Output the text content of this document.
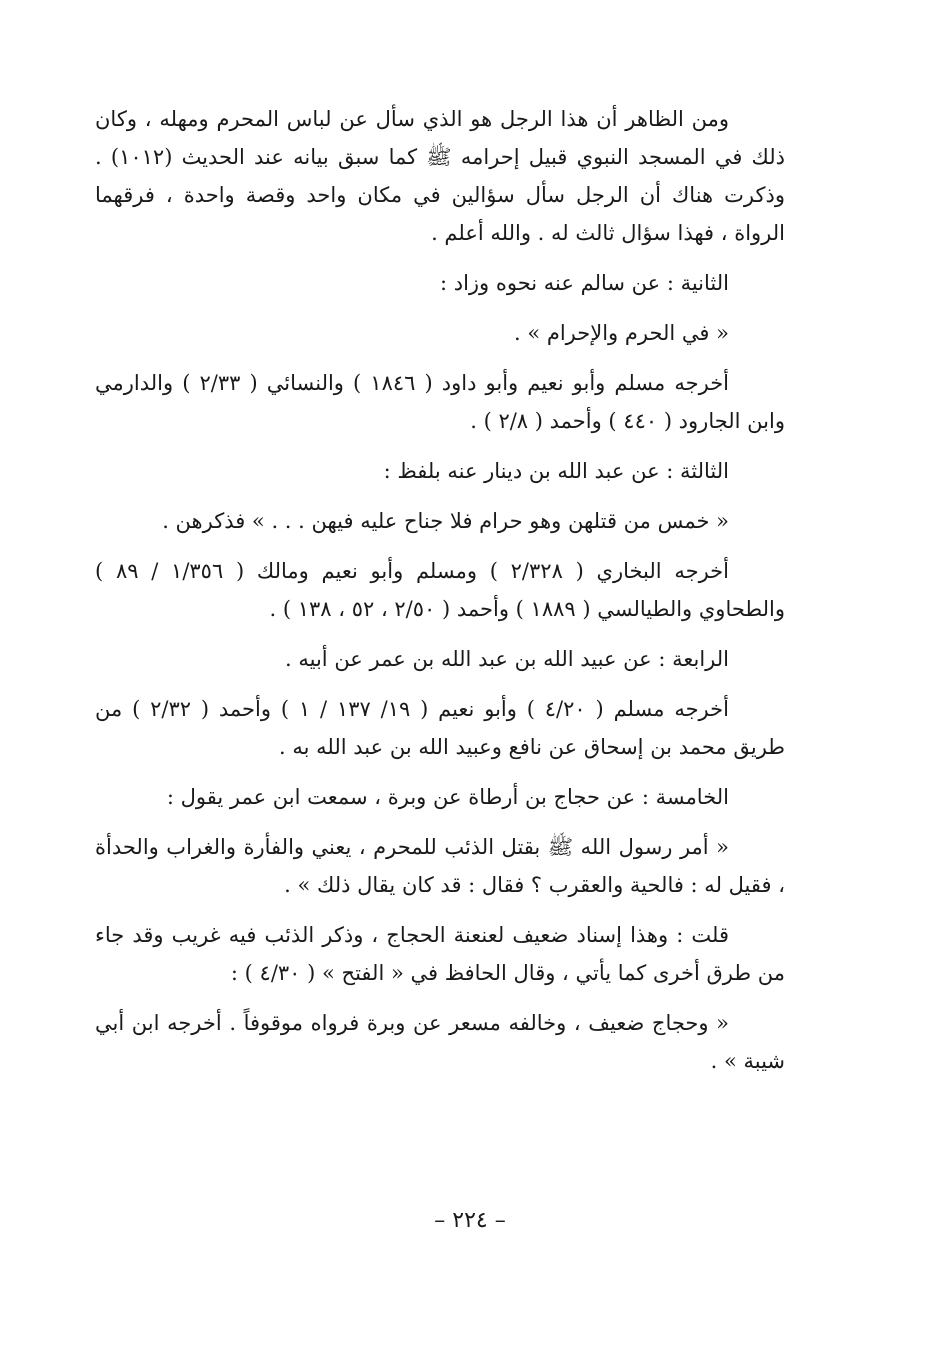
ومن الظاهر أن هذا الرجل هو الذي سأل عن لباس المحرم ومهله ، وكان ذلك في المسجد النبوي قبيل إحرامه ﷺ كما سبق بيانه عند الحديث (١٠١٢) . وذكرت هناك أن الرجل سأل سؤالين في مكان واحد وقصة واحدة ، فرقهما الرواة ، فهذا سؤال ثالث له . والله أعلم .

الثانية : عن سالم عنه نحوه وزاد :

« في الحرم والإحرام » .

أخرجه مسلم وأبو نعيم وأبو داود ( ١٨٤٦ ) والنسائي ( ٢/٣٣ ) والدارمي وابن الجارود ( ٤٤٠ ) وأحمد ( ٢/٨ ) .

الثالثة : عن عبد الله بن دينار عنه بلفظ :

« خمس من قتلهن وهو حرام فلا جناح عليه فيهن . . . » فذكرهن .

أخرجه البخاري ( ٢/٣٢٨ ) ومسلم وأبو نعيم ومالك ( ١/٣٥٦ / ٨٩ ) والطحاوي والطيالسي ( ١٨٨٩ ) وأحمد ( ٢/٥٠ ، ٥٢ ، ١٣٨ ) .

الرابعة : عن عبيد الله بن عبد الله بن عمر عن أبيه .

أخرجه مسلم ( ٤/٢٠ ) وأبو نعيم ( ١٩/ ١٣٧ / ١ ) وأحمد ( ٢/٣٢ ) من طريق محمد بن إسحاق عن نافع وعبيد الله بن عبد الله به .

الخامسة : عن حجاج بن أرطاة عن وبرة ، سمعت ابن عمر يقول :

« أمر رسول الله ﷺ بقتل الذئب للمحرم ، يعني والفأرة والغراب والحدأة ، فقيل له : فالحية والعقرب ؟ فقال : قد كان يقال ذلك » .

قلت : وهذا إسناد ضعيف لعنعنة الحجاج ، وذكر الذئب فيه غريب وقد جاء من طرق أخرى كما يأتي ، وقال الحافظ في « الفتح » ( ٤/٣٠ ) :

« وحجاج ضعيف ، وخالفه مسعر عن وبرة فرواه موقوفاً . أخرجه ابن أبي شيبة » .

– ٢٢٤ –
